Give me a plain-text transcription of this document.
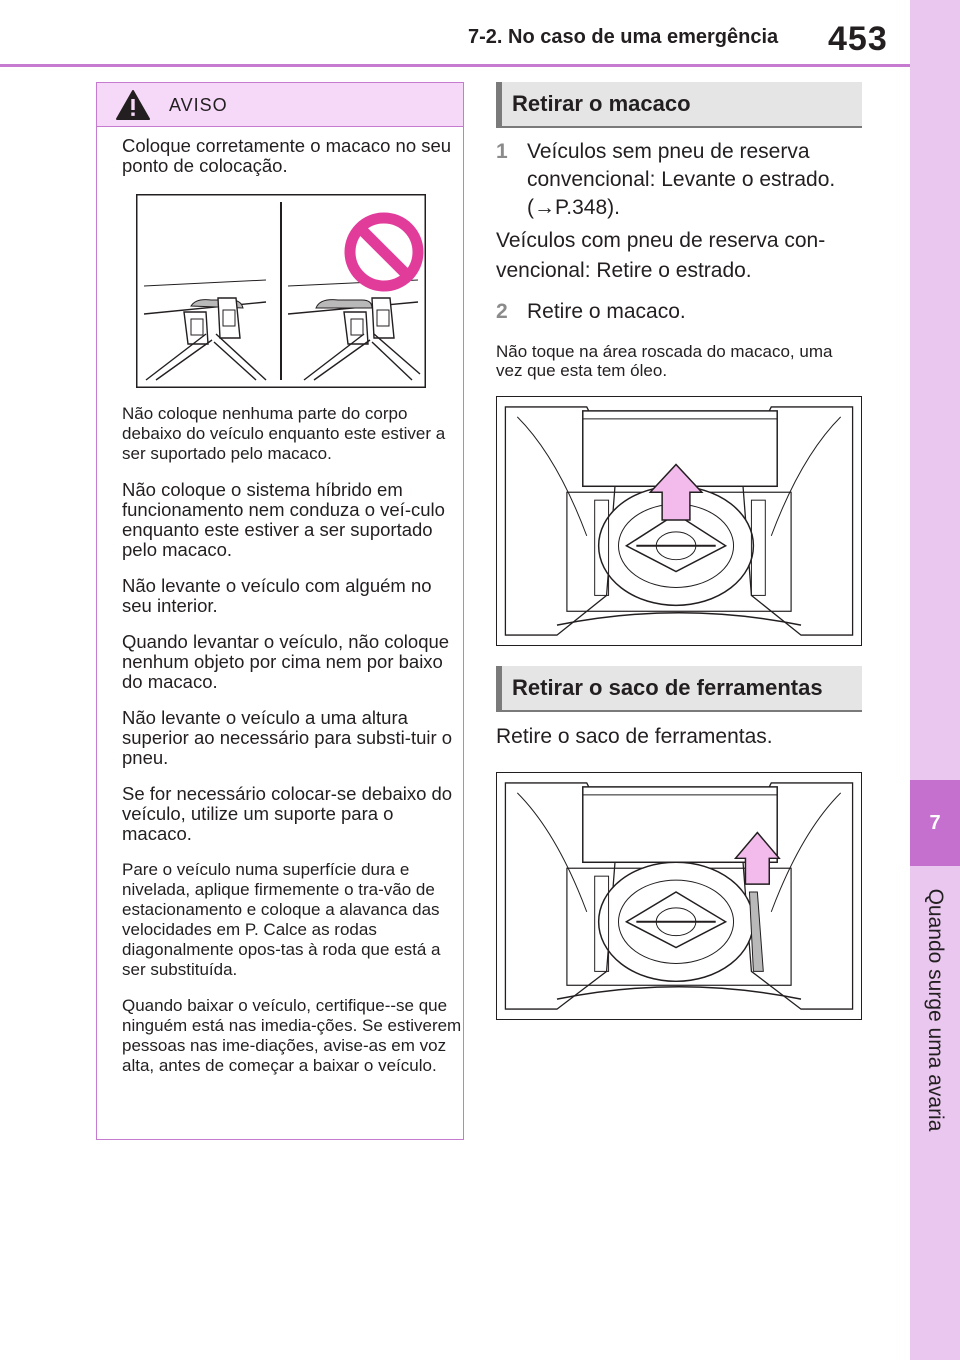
7-2. No caso de uma emergência 453
7
Quando surge uma avaria
AVISO

Coloque corretamente o macaco no seu ponto de colocação.

Não coloque nenhuma parte do corpo debaixo do veículo enquanto este estiver a ser suportado pelo macaco.

Não coloque o sistema híbrido em funcionamento nem conduza o veí-culo enquanto este estiver a ser suportado pelo macaco.

Não levante o veículo com alguém no seu interior.

Quando levantar o veículo, não coloque nenhum objeto por cima nem por baixo do macaco.

Não levante o veículo a uma altura superior ao necessário para substi-tuir o pneu.

Se for necessário colocar-se debaixo do veículo, utilize um suporte para o macaco.

Pare o veículo numa superfície dura e nivelada, aplique firmemente o tra-vão de estacionamento e coloque a alavanca das velocidades em P. Calce as rodas diagonalmente opos-tas à roda que está a ser substituída.

Quando baixar o veículo, certifique--se que ninguém está nas imedia-ções. Se estiverem pessoas nas ime-diações, avise-as em voz alta, antes de começar a baixar o veículo.

Retirar o macaco
1 Veículos sem pneu de reserva convencional: Levante o estrado. (→P.348).
Veículos com pneu de reserva con-vencional: Retire o estrado.
2 Retire o macaco.
Não toque na área roscada do macaco, uma vez que esta tem óleo.
Retirar o saco de ferramentas
Retire o saco de ferramentas.
